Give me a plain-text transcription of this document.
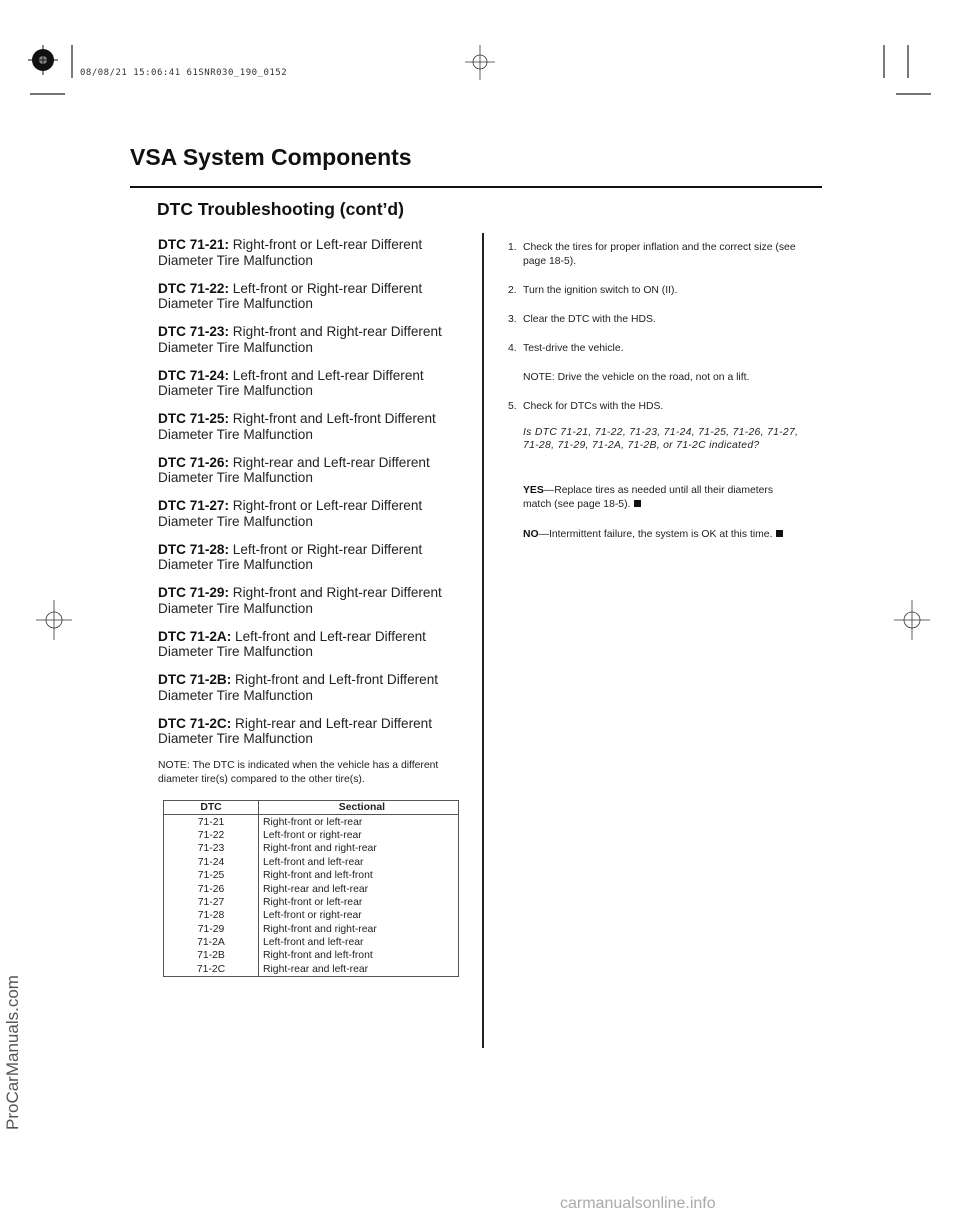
08/08/21 15:06:41 61SNR030_190_0152
VSA System Components
DTC Troubleshooting (cont’d)
DTC 71-21: Right-front or Left-rear Different Diameter Tire Malfunction
DTC 71-22: Left-front or Right-rear Different Diameter Tire Malfunction
DTC 71-23: Right-front and Right-rear Different Diameter Tire Malfunction
DTC 71-24: Left-front and Left-rear Different Diameter Tire Malfunction
DTC 71-25: Right-front and Left-front Different Diameter Tire Malfunction
DTC 71-26: Right-rear and Left-rear Different Diameter Tire Malfunction
DTC 71-27: Right-front or Left-rear Different Diameter Tire Malfunction
DTC 71-28: Left-front or Right-rear Different Diameter Tire Malfunction
DTC 71-29: Right-front and Right-rear Different Diameter Tire Malfunction
DTC 71-2A: Left-front and Left-rear Different Diameter Tire Malfunction
DTC 71-2B: Right-front and Left-front Different Diameter Tire Malfunction
DTC 71-2C: Right-rear and Left-rear Different Diameter Tire Malfunction
NOTE: The DTC is indicated when the vehicle has a different diameter tire(s) compared to the other tire(s).
DTC	Sectional
71-21	Right-front or left-rear
71-22	Left-front or right-rear
71-23	Right-front and right-rear
71-24	Left-front and left-rear
71-25	Right-front and left-front
71-26	Right-rear and left-rear
71-27	Right-front or left-rear
71-28	Left-front or right-rear
71-29	Right-front and right-rear
71-2A	Left-front and left-rear
71-2B	Right-front and left-front
71-2C	Right-rear and left-rear
1. Check the tires for proper inflation and the correct size (see page 18-5).
2. Turn the ignition switch to ON (II).
3. Clear the DTC with the HDS.
4. Test-drive the vehicle.
NOTE: Drive the vehicle on the road, not on a lift.
5. Check for DTCs with the HDS.
Is DTC 71-21, 71-22, 71-23, 71-24, 71-25, 71-26, 71-27, 71-28, 71-29, 71-2A, 71-2B, or 71-2C indicated?
YES—Replace tires as needed until all their diameters match (see page 18-5).
NO—Intermittent failure, the system is OK at this time.
ProCarManuals.com
carmanualsonline.info
